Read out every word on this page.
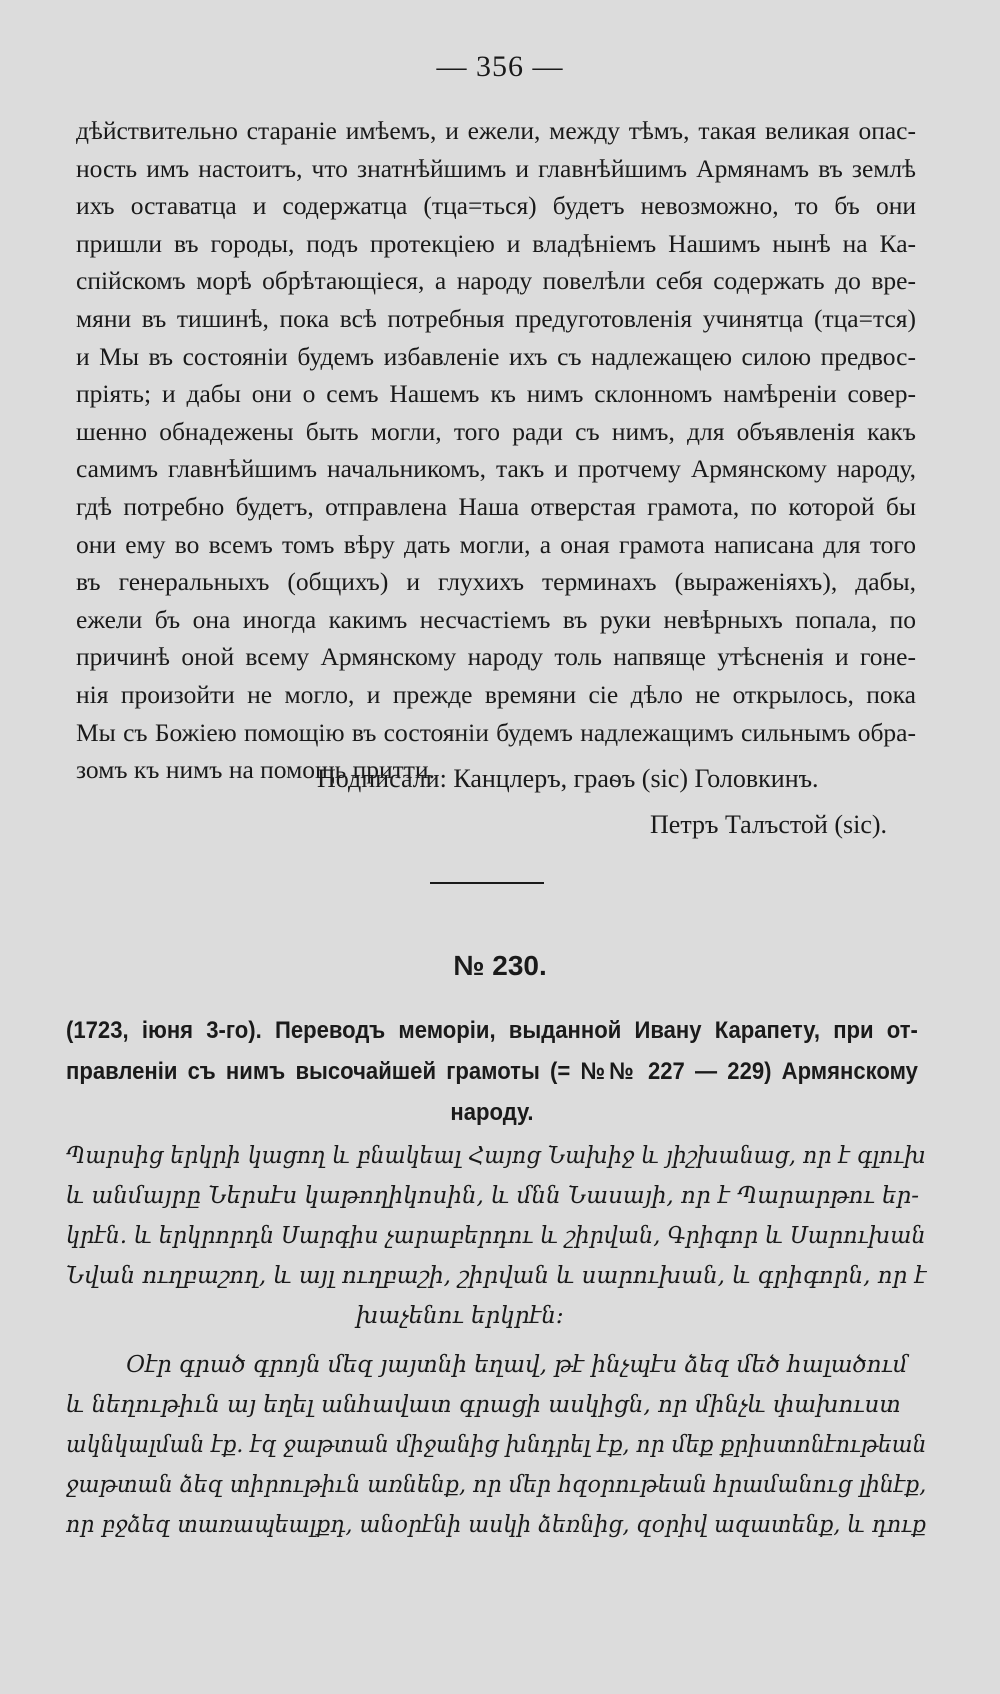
— 356 —
дѣйствительно стараніе имѣемъ, и ежели, между тѣмъ, такая великая опас-
ность имъ настоитъ, что знатнѣйшимъ и главнѣйшимъ Армянамъ въ землѣ
ихъ оставатца и содержатца (тца=ться) будетъ невозможно, то бъ они
пришли въ городы, подъ протекціею и владѣніемъ Нашимъ нынѣ на Ка-
спійскомъ морѣ обрѣтающіеся, а народу повелѣли себя содержать до вре-
мяни въ тишинѣ, пока всѣ потребныя предуготовленія учинятца (тца=тся)
и Мы въ состояніи будемъ избавленіе ихъ съ надлежащею силою предвос-
пріять; и дабы они о семъ Нашемъ къ нимъ склонномъ намѣреніи совер-
шенно обнадежены быть могли, того ради съ нимъ, для объявленія какъ
самимъ главнѣйшимъ начальникомъ, такъ и протчему Армянскому народу,
гдѣ потребно будетъ, отправлена Наша отверстая грамота, по которой бы
они ему во всемъ томъ вѣру дать могли, а оная грамота написана для того
въ генеральныхъ (общихъ) и глухихъ терминахъ (выраженіяхъ), дабы,
ежели бъ она иногда какимъ несчастіемъ въ руки невѣрныхъ попала, по
причинѣ оной всему Армянскому народу толь напвяще утѣсненія и гоне-
нія произойти не могло, и прежде времяни сіе дѣло не открылось, пока
Мы съ Божіею помощію въ состояніи будемъ надлежащимъ сильнымъ обра-
зомъ къ нимъ на помощь притти.
Подписали: Канцлеръ, граѳъ (sic) Головкинъ.
Петръ Талъстой (sic).
№ 230.
(1723, іюня 3-го). Переводъ меморіи, выданной Ивану Карапету, при от-
правленіи съ нимъ высочайшей грамоты (= №№ 227 — 229) Армянскому
народу.
Պարսից երկրի կացող և բնակեալ Հայոց Նախիջ և յիշխանաց, որ է գլուխ
և անմայրը Ներսէս կաթողիկոսին, և մնն Նասայի, որ է Պարարթու եր-
կրէն. և երկրորդն Սարգիս չարաբերդու և շիրվան, Գրիգոր և Սարուխան
Նվան ուղբաշող, և այլ ուղբաշի, շիրվան և սարուխան, և գրիգորն, որ է
խաչենու երկրէն:
Օէր գրած գրոյն մեզ յայտնի եղավ, թէ ինչպէս ձեզ մեծ հալածում
և նեղութիւն այ եղել անհավատ գրացի ասկիցն, որ մինչև փախուստ
ակնկալման էք. էզ ջաթտան միջանից խնդրել էք, որ մեք քրիստոնէութեան
ջաթտան ձեզ տիրութիւն առնենք, որ մեր հզօրութեան հրամանուց լինէք,
որ բջձեզ տառապեալքդ, անօրէնի ասկի ձեռնից, զօրիվ ազատենք, և դուք
